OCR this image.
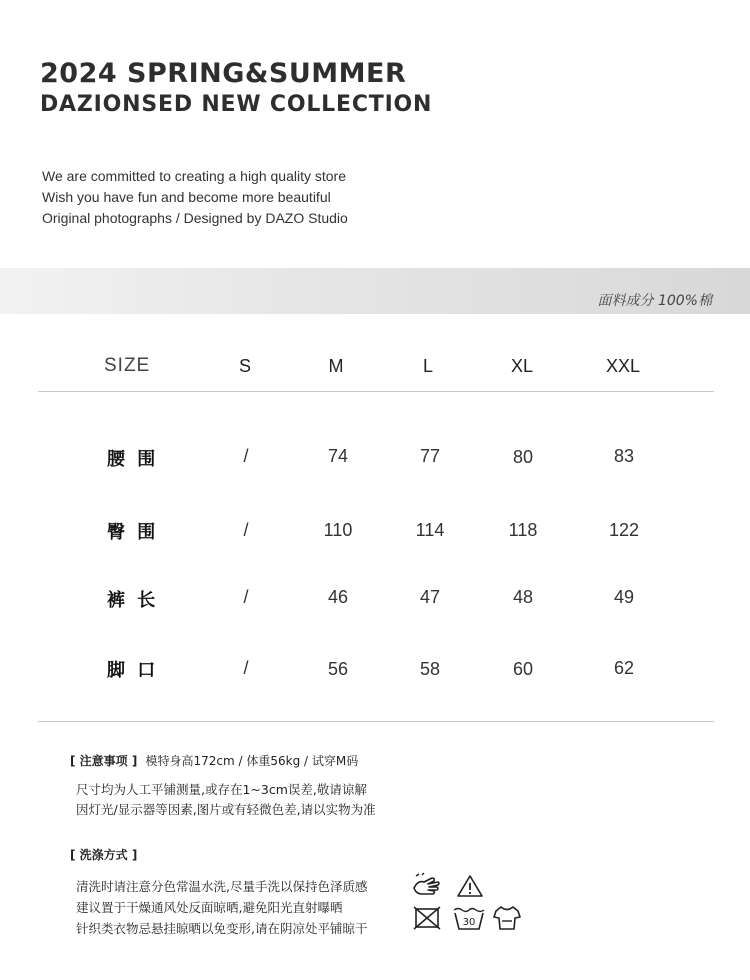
2024 SPRING&SUMMER
DAZIONSED NEW COLLECTION
We are committed to creating a high quality store
Wish you have fun and become more beautiful
Original photographs / Designed by DAZO Studio
面料成分 100%棉
SIZE	S	M	L	XL	XXL
腰 围	/	74	77	80	83
臀 围	/	110	114	118	122
裤 长	/	46	47	48	49
脚 口	/	56	58	60	62
[ 注意事项 ] 模特身高172cm / 体重56kg / 试穿M码
尺寸均为人工平铺测量,或存在1~3cm误差,敬请谅解
因灯光/显示器等因素,图片或有轻微色差,请以实物为准
[ 洗涤方式 ]
清洗时请注意分色常温水洗,尽量手洗以保持色泽质感
建议置于干燥通风处反面晾晒,避免阳光直射曝晒
针织类衣物忌悬挂晾晒以免变形,请在阴凉处平铺晾干	30
